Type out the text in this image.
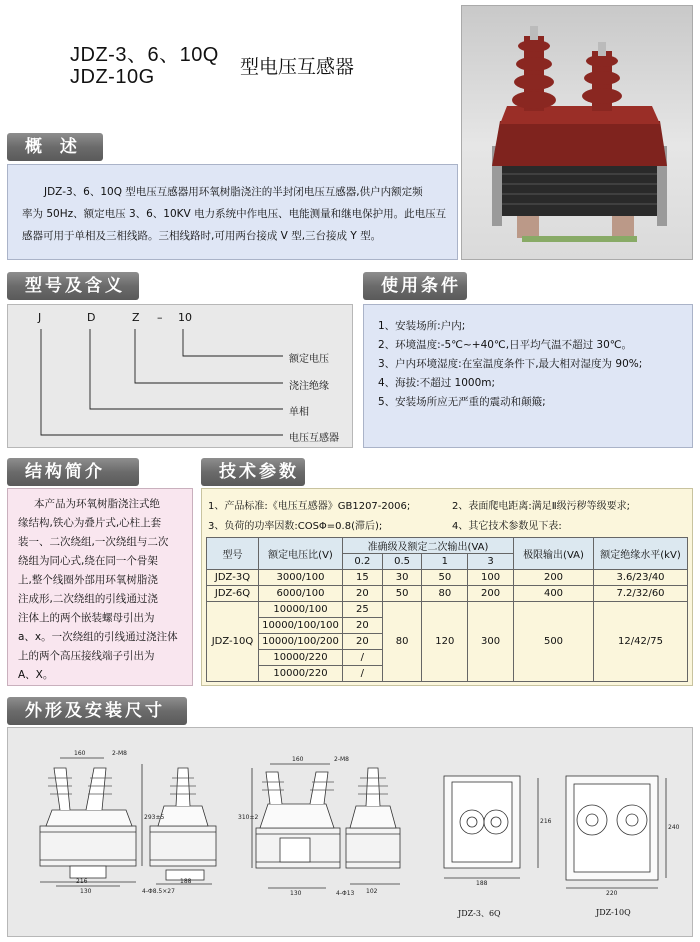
JDZ-3、6、10Q
JDZ-10G	型电压互感器
概 述
JDZ-3、6、10Q 型电压互感器用环氧树脂浇注的半封闭电压互感器,供户内额定频
率为 50Hz、额定电压 3、6、10KV 电力系统中作电压、电能测量和继电保护用。此电压互
感器可用于单相及三相线路。三相线路时,可用两台接成 V 型,三台接成 Y 型。
型号及含义
J	D	Z – 10
额定电压
浇注绝缘
单相
电压互感器
使用条件
1、安装场所:户内;
2、环境温度:-5℃~+40℃,日平均气温不超过 30℃。
3、户内环境湿度:在室温度条件下,最大相对湿度为 90%;
4、海拔:不超过 1000m;
5、安装场所应无严重的震动和颠簸;
结构简介
本产品为环氧树脂浇注式绝
缘结构,铁心为叠片式,心柱上套
装一、二次绕组,一次绕组与二次
绕组为同心式,绕在同一个骨架
上,整个线圈外部用环氧树脂浇
注成形,二次绕组的引线通过浇
注体上的两个嵌装螺母引出为
a、x。一次绕组的引线通过浇注体
上的两个高压接线端子引出为
A、X。
技术参数
1、产品标准:《电压互感器》GB1207-2006;	2、表面爬电距离:满足Ⅱ级污秽等级要求;
3、负荷的功率因数:COSΦ=0.8(滞后);	4、其它技术参数见下表:
型号	额定电压比(V)	准确级及额定二次输出(VA)				极限输出(VA)	额定绝缘水平(kV)
		0.2	0.5	1	3		
JDZ-3Q	3000/100	15	30	50	100	200	3.6/23/40
JDZ-6Q	6000/100	20	50	80	200	400	7.2/32/60
JDZ-10Q	10000/100	25	80	120	300	500	12/42/75
	10000/100/100	20					
	10000/100/200	20					
	10000/220	/					
	10000/220	/					
外形及安装尺寸
160	2-M8
293±5
216
130
188
4-Φ8.5×27
160	2-M8
310±2
130	102
4-Φ13
216
188
240
220
JDZ-3、6Q	JDZ-10Q
